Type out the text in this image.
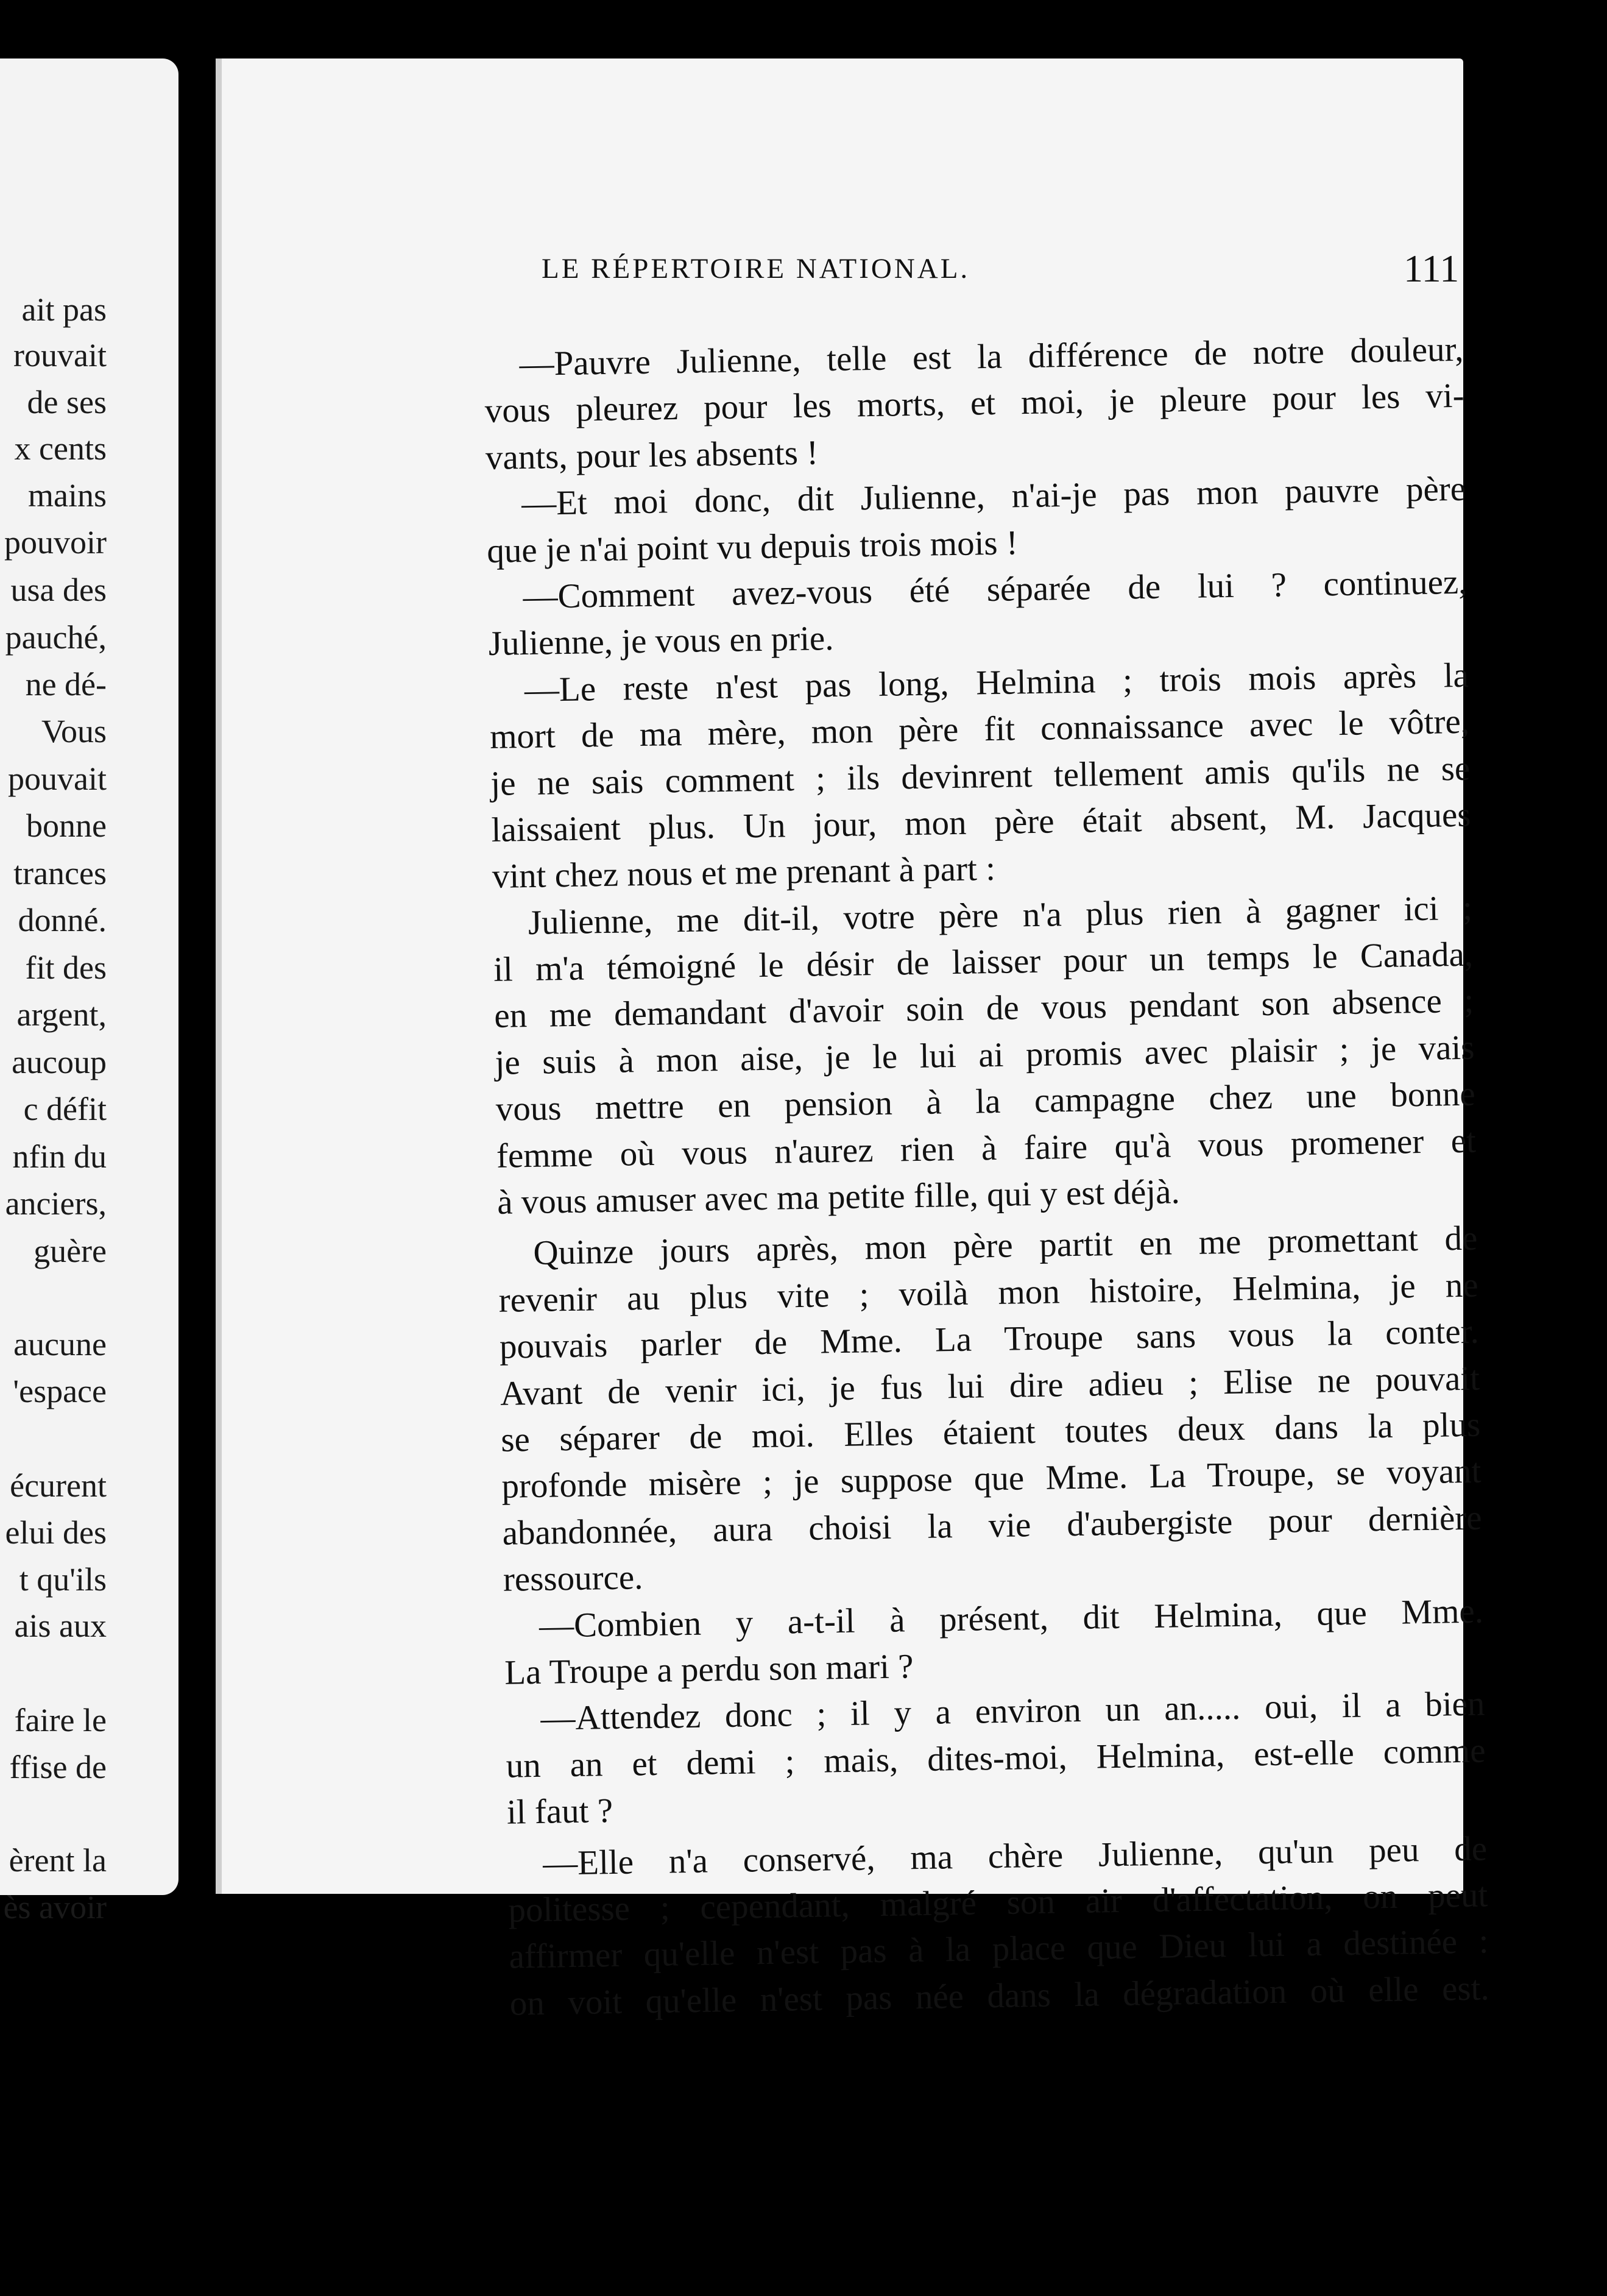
ait pas
rouvait
de ses
x cents
mains
pouvoir
usa des
pauché,
ne dé-
Vous
pouvait
bonne
trances
donné.
fit des
argent,
aucoup
c défit
nfin du
anciers,
guère
aucune
'espace
écurent
elui des
t qu'ils
ais aux
faire le
ffise de
èrent la
ès avoir
LE RÉPERTOIRE NATIONAL.	111
—Pauvre Julienne, telle est la différence de notre douleur,
vous pleurez pour les morts, et moi, je pleure pour les vi-
vants, pour les absents !
—Et moi donc, dit Julienne, n'ai-je pas mon pauvre père
que je n'ai point vu depuis trois mois !
—Comment avez-vous été séparée de lui ? continuez,
Julienne, je vous en prie.
—Le reste n'est pas long, Helmina ; trois mois après la
mort de ma mère, mon père fit connaissance avec le vôtre,
je ne sais comment ; ils devinrent tellement amis qu'ils ne se
laissaient plus. Un jour, mon père était absent, M. Jacques
vint chez nous et me prenant à part :
Julienne, me dit-il, votre père n'a plus rien à gagner ici ;
il m'a témoigné le désir de laisser pour un temps le Canada,
en me demandant d'avoir soin de vous pendant son absence ;
je suis à mon aise, je le lui ai promis avec plaisir ; je vais
vous mettre en pension à la campagne chez une bonne
femme où vous n'aurez rien à faire qu'à vous promener et
à vous amuser avec ma petite fille, qui y est déjà.
Quinze jours après, mon père partit en me promettant de
revenir au plus vite ; voilà mon histoire, Helmina, je ne
pouvais parler de Mme. La Troupe sans vous la conter.
Avant de venir ici, je fus lui dire adieu ; Elise ne pouvait
se séparer de moi. Elles étaient toutes deux dans la plus
profonde misère ; je suppose que Mme. La Troupe, se voyant
abandonnée, aura choisi la vie d'aubergiste pour dernière
ressource.
—Combien y a-t-il à présent, dit Helmina, que Mme.
La Troupe a perdu son mari ?
—Attendez donc ; il y a environ un an..... oui, il a bien
un an et demi ; mais, dites-moi, Helmina, est-elle comme
il faut ?
—Elle n'a conservé, ma chère Julienne, qu'un peu de
politesse ; cependant, malgré son air d'affectation, on peut
affirmer qu'elle n'est pas à la place que Dieu lui a destinée :
on voit qu'elle n'est pas née dans la dégradation où elle est.
